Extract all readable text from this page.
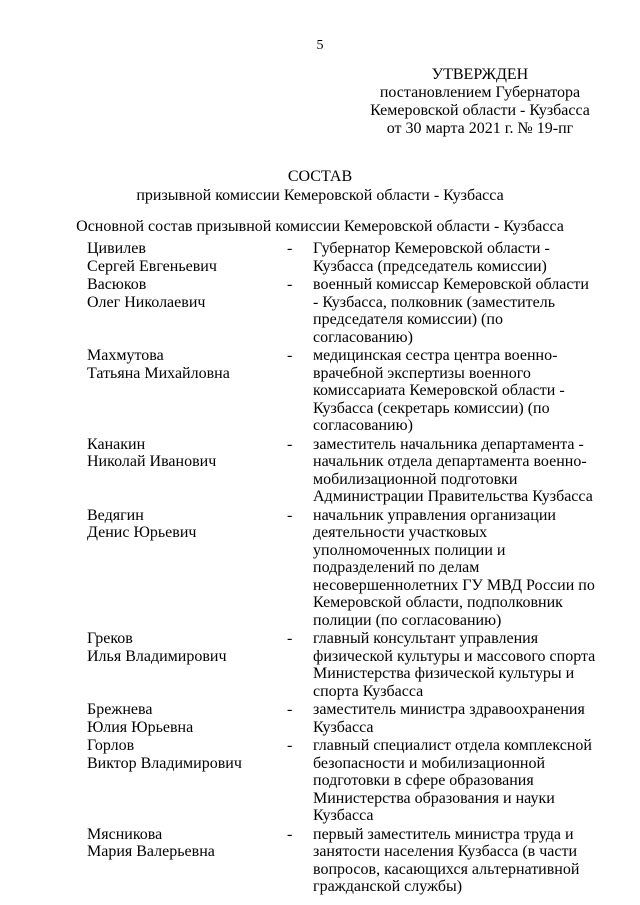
5
УТВЕРЖДЕН
постановлением Губернатора
Кемеровской области - Кузбасса
от 30 марта 2021 г. № 19-пг
СОСТАВ
призывной комиссии Кемеровской области - Кузбасса
Основной состав призывной комиссии Кемеровской области - Кузбасса
Цивилев
Сергей Евгеньевич
-	Губернатор Кемеровской области - Кузбасса (председатель комиссии)
Васюков
Олег Николаевич
-	военный комиссар Кемеровской области - Кузбасса, полковник (заместитель председателя комиссии) (по согласованию)
Махмутова
Татьяна Михайловна
-	медицинская сестра центра военно-врачебной экспертизы военного комиссариата Кемеровской области - Кузбасса (секретарь комиссии) (по согласованию)
Канакин
Николай Иванович
-	заместитель начальника департамента - начальник отдела департамента военно-мобилизационной подготовки Администрации Правительства Кузбасса
Ведягин
Денис Юрьевич
-	начальник управления организации деятельности участковых уполномоченных полиции и подразделений по делам несовершеннолетних ГУ МВД России по Кемеровской области, подполковник полиции (по согласованию)
Греков
Илья Владимирович
-	главный консультант управления физической культуры и массового спорта Министерства физической культуры и спорта Кузбасса
Брежнева
Юлия Юрьевна
-	заместитель министра здравоохранения Кузбасса
Горлов
Виктор Владимирович
-	главный специалист отдела комплексной безопасности и мобилизационной подготовки в сфере образования Министерства образования и науки Кузбасса
Мясникова
Мария Валерьевна
-	первый заместитель министра труда и занятости населения Кузбасса (в части вопросов, касающихся альтернативной гражданской службы)
